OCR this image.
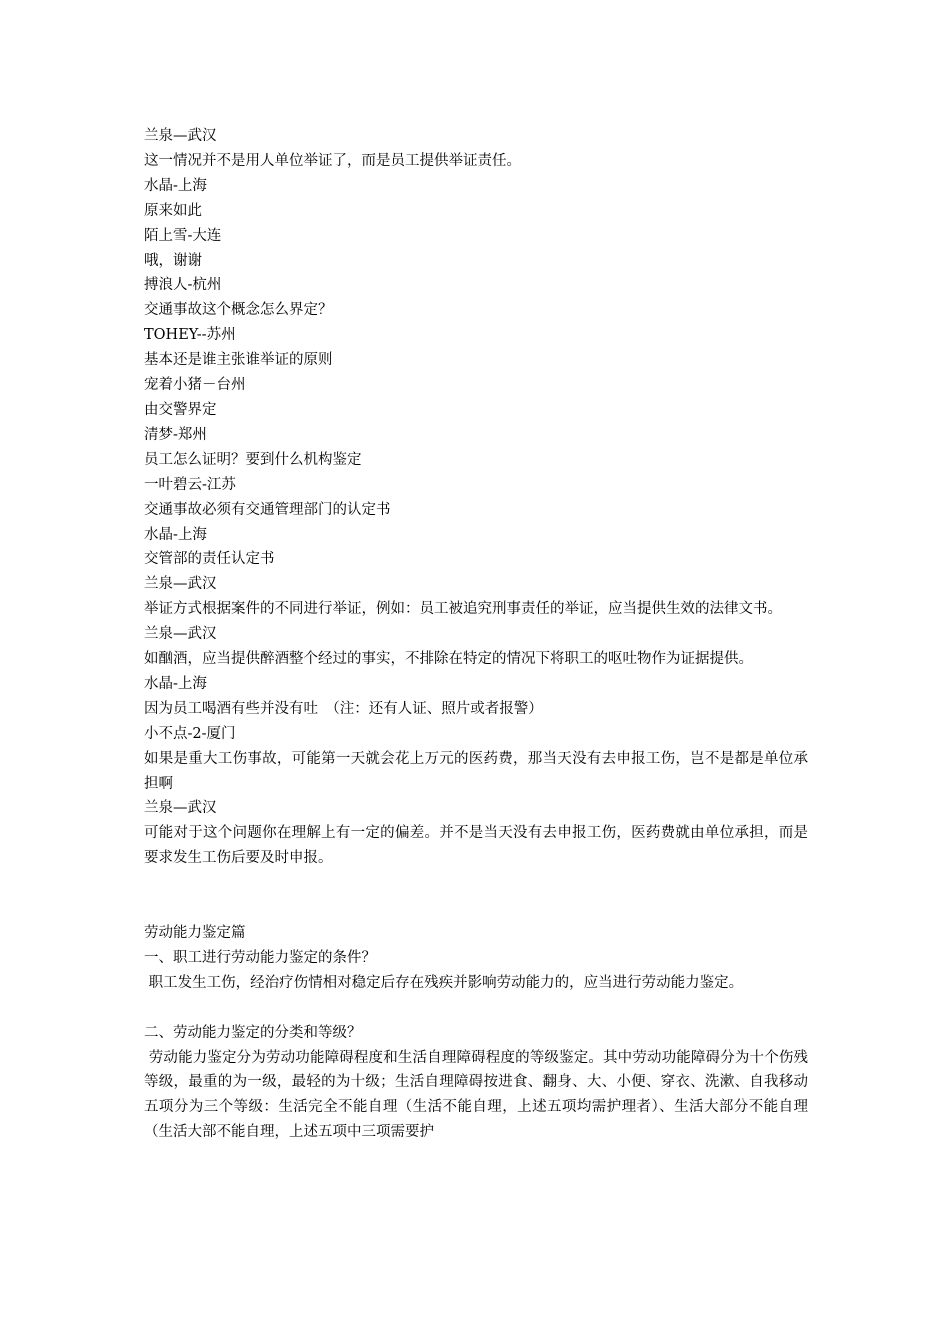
兰泉—武汉

这一情况并不是用人单位举证了，而是员工提供举证责任。

水晶-上海

原来如此

陌上雪-大连

哦，谢谢

搏浪人-杭州

交通事故这个概念怎么界定？

TOHEY--苏州

基本还是谁主张谁举证的原则

宠着小猪－台州

由交警界定

清梦-郑州

员工怎么证明？要到什么机构鉴定

一叶碧云-江苏

交通事故必须有交通管理部门的认定书

水晶-上海

交管部的责任认定书

兰泉—武汉

举证方式根据案件的不同进行举证，例如：员工被追究刑事责任的举证，应当提供生效的法律文书。

兰泉—武汉

如酗酒，应当提供醉酒整个经过的事实，不排除在特定的情况下将职工的呕吐物作为证据提供。

水晶-上海

因为员工喝酒有些并没有吐　（注：还有人证、照片或者报警）

小不点-2-厦门

如果是重大工伤事故，可能第一天就会花上万元的医药费，那当天没有去申报工伤，岂不是都是单位承担啊

兰泉—武汉

可能对于这个问题你在理解上有一定的偏差。并不是当天没有去申报工伤，医药费就由单位承担，而是要求发生工伤后要及时申报。

劳动能力鉴定篇

一、职工进行劳动能力鉴定的条件？

职工发生工伤，经治疗伤情相对稳定后存在残疾并影响劳动能力的，应当进行劳动能力鉴定。

二、劳动能力鉴定的分类和等级？

劳动能力鉴定分为劳动功能障碍程度和生活自理障碍程度的等级鉴定。其中劳动功能障碍分为十个伤残等级，最重的为一级，最轻的为十级；生活自理障碍按进食、翻身、大、小便、穿衣、洗漱、自我移动五项分为三个等级：生活完全不能自理（生活不能自理，上述五项均需护理者）、生活大部分不能自理（生活大部不能自理，上述五项中三项需要护
